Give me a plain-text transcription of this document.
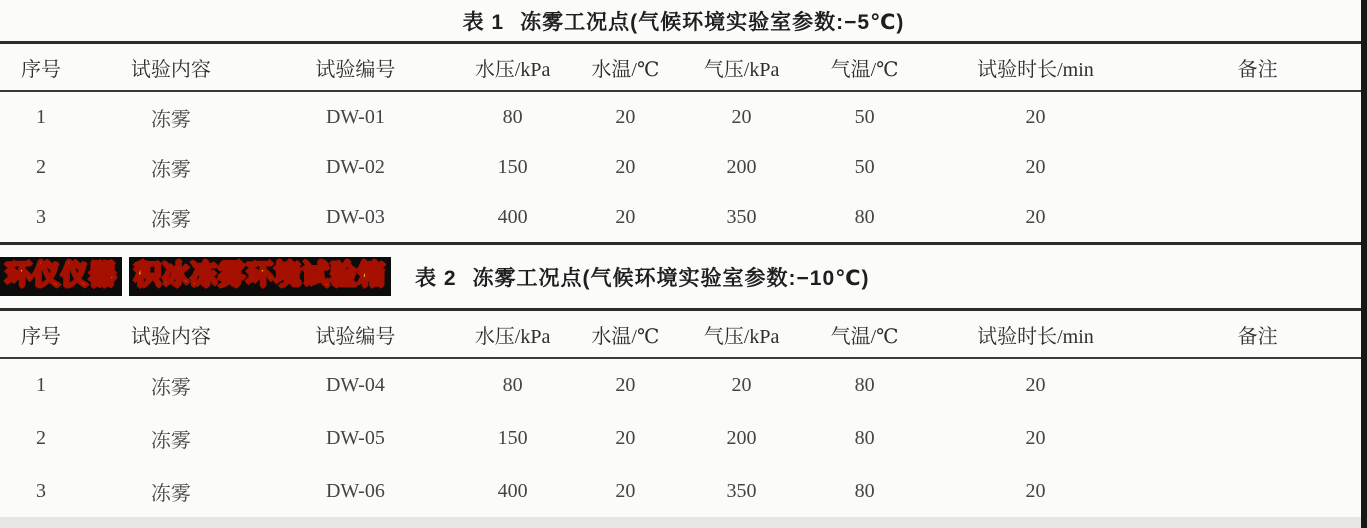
表 1 冻雾工况点(气候环境实验室参数:−5℃)
序号	试验内容	试验编号	水压/kPa	水温/℃	气压/kPa	气温/℃	试验时长/min	备注
1	冻雾	DW-01	80	20	20	50	20	
2	冻雾	DW-02	150	20	200	50	20	
3	冻雾	DW-03	400	20	350	80	20	
环仪仪器 积冰冻雾环境试验箱 表 2 冻雾工况点(气候环境实验室参数:−10℃)
序号	试验内容	试验编号	水压/kPa	水温/℃	气压/kPa	气温/℃	试验时长/min	备注
1	冻雾	DW-04	80	20	20	80	20	
2	冻雾	DW-05	150	20	200	80	20	
3	冻雾	DW-06	400	20	350	80	20	
